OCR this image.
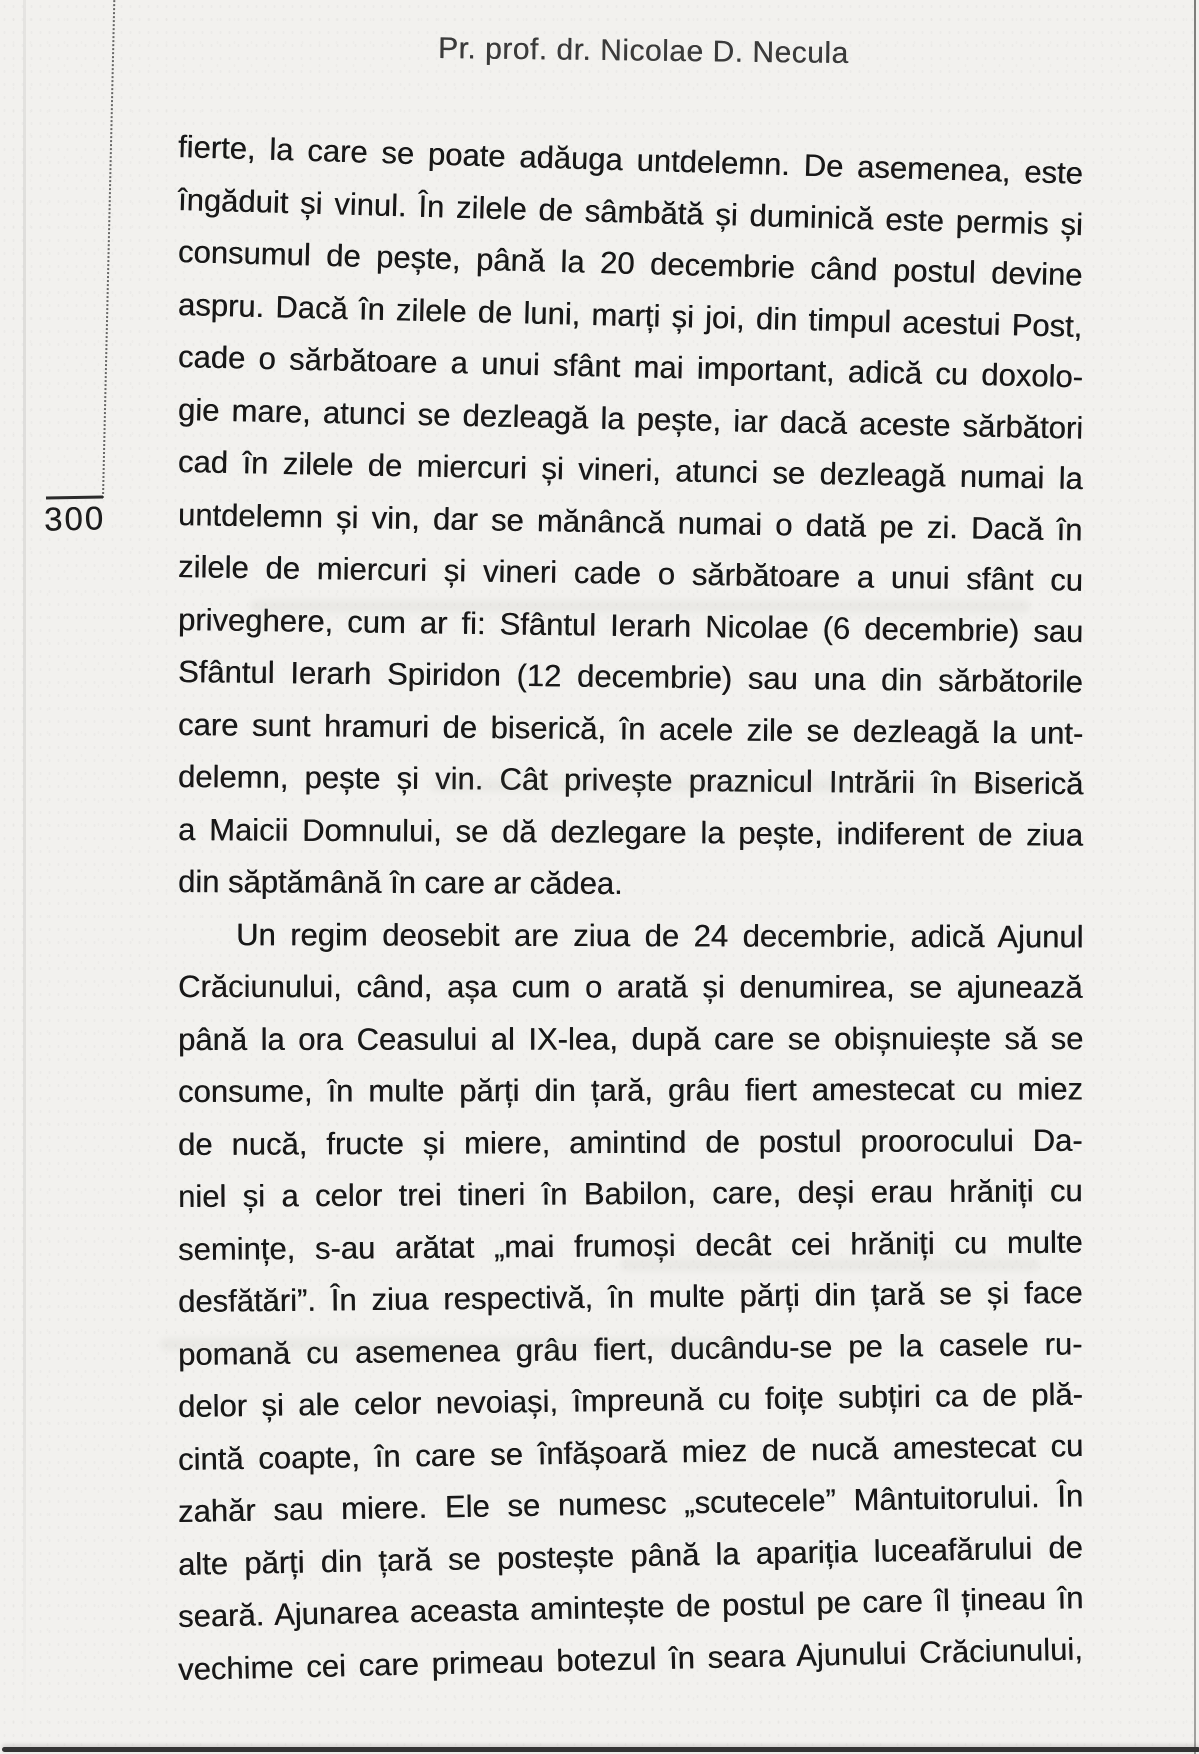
Pr. prof. dr. Nicolae D. Necula
300
fierte, la care se poate adăuga untdelemn. De asemenea, este
îngăduit și vinul. În zilele de sâmbătă și duminică este permis și
consumul de pește, până la 20 decembrie când postul devine
aspru. Dacă în zilele de luni, marți și joi, din timpul acestui Post,
cade o sărbătoare a unui sfânt mai important, adică cu doxolo-
gie mare, atunci se dezleagă la pește, iar dacă aceste sărbători
cad în zilele de miercuri și vineri, atunci se dezleagă numai la
untdelemn și vin, dar se mănâncă numai o dată pe zi. Dacă în
zilele de miercuri și vineri cade o sărbătoare a unui sfânt cu
priveghere, cum ar fi: Sfântul Ierarh Nicolae (6 decembrie) sau
Sfântul Ierarh Spiridon (12 decembrie) sau una din sărbătorile
care sunt hramuri de biserică, în acele zile se dezleagă la unt-
delemn, pește și vin. Cât privește praznicul Intrării în Biserică
a Maicii Domnului, se dă dezlegare la pește, indiferent de ziua
din săptămână în care ar cădea.
Un regim deosebit are ziua de 24 decembrie, adică Ajunul
Crăciunului, când, așa cum o arată și denumirea, se ajunează
până la ora Ceasului al IX-lea, după care se obișnuiește să se
consume, în multe părți din țară, grâu fiert amestecat cu miez
de nucă, fructe și miere, amintind de postul proorocului Da-
niel și a celor trei tineri în Babilon, care, deși erau hrăniți cu
semințe, s-au arătat „mai frumoși decât cei hrăniți cu multe
desfătări”. În ziua respectivă, în multe părți din țară se și face
pomană cu asemenea grâu fiert, ducându-se pe la casele ru-
delor și ale celor nevoiași, împreună cu foițe subțiri ca de plă-
cintă coapte, în care se înfășoară miez de nucă amestecat cu
zahăr sau miere. Ele se numesc „scutecele” Mântuitorului. În
alte părți din țară se postește până la apariția luceafărului de
seară. Ajunarea aceasta amintește de postul pe care îl țineau în
vechime cei care primeau botezul în seara Ajunului Crăciunului,
